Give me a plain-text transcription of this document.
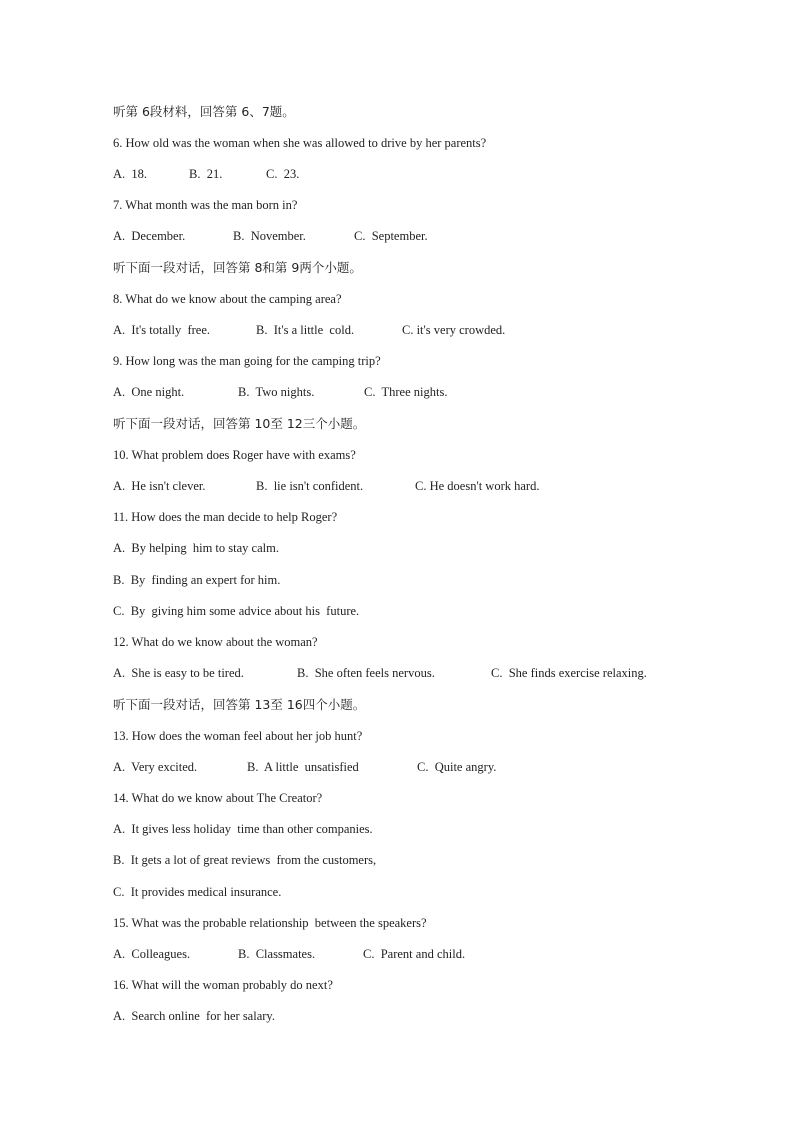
听第 6段材料，回答第 6、7题。
6. How old was the woman when she was allowed to drive by her parents?
A.  18.	B.  21.	C.  23.
7. What month was the man born in?
A.  December.	B.  November.	C.  September.
听下面一段对话，回答第 8和第 9两个小题。
8. What do we know about the camping area?
A.  It's totally  free.	B.  It's a little  cold.	C. it's very crowded.
9. How long was the man going for the camping trip?
A.  One night.	B.  Two nights.	C.  Three nights.
听下面一段对话，回答第 10至 12三个小题。
10. What problem does Roger have with exams?
A.  He isn't clever.	B.  lie isn't confident.	C. He doesn't work hard.
11. How does the man decide to help Roger?
A.  By helping  him to stay calm.
B.  By  finding an expert for him.
C.  By  giving him some advice about his  future.
12. What do we know about the woman?
A.  She is easy to be tired.	B.  She often feels nervous.	C.  She finds exercise relaxing.
听下面一段对话，回答第 13至 16四个小题。
13. How does the woman feel about her job hunt?
A.  Very excited.	B.  A little  unsatisfied	C.  Quite angry.
14. What do we know about The Creator?
A.  It gives less holiday  time than other companies.
B.  It gets a lot of great reviews  from the customers,
C.  It provides medical insurance.
15. What was the probable relationship  between the speakers?
A.  Colleagues.	B.  Classmates.	C.  Parent and child.
16. What will the woman probably do next?
A.  Search online  for her salary.
